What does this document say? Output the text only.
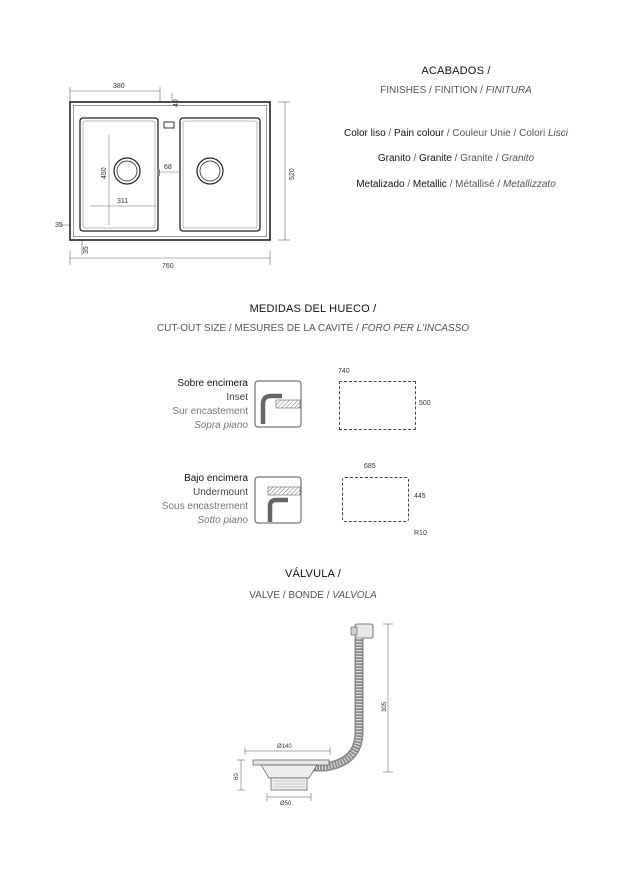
ACABADOS /
FINISHES / FINITION / FINITURA
Color liso / Pain colour / Couleur Unie / Colori Lisci
Granito / Granite / Granite / Granito
Metalizado / Metallic / Métallisé / Metallizzato
380
40
450	68
311
35
35
760
520
MEDIDAS DEL HUECO /
CUT-OUT SIZE / MESURES DE LA CAVITÉ / FORO PER L'INCASSO
Sobre encimera
Inset
Sur encastement
Sopra piano
740
500
Bajo encimera
Undermount
Sous encastrement
Sotto piano
685
445
R10
VÁLVULA /
VALVE / BONDE / VALVOLA
305
Ø140
60
Ø50
